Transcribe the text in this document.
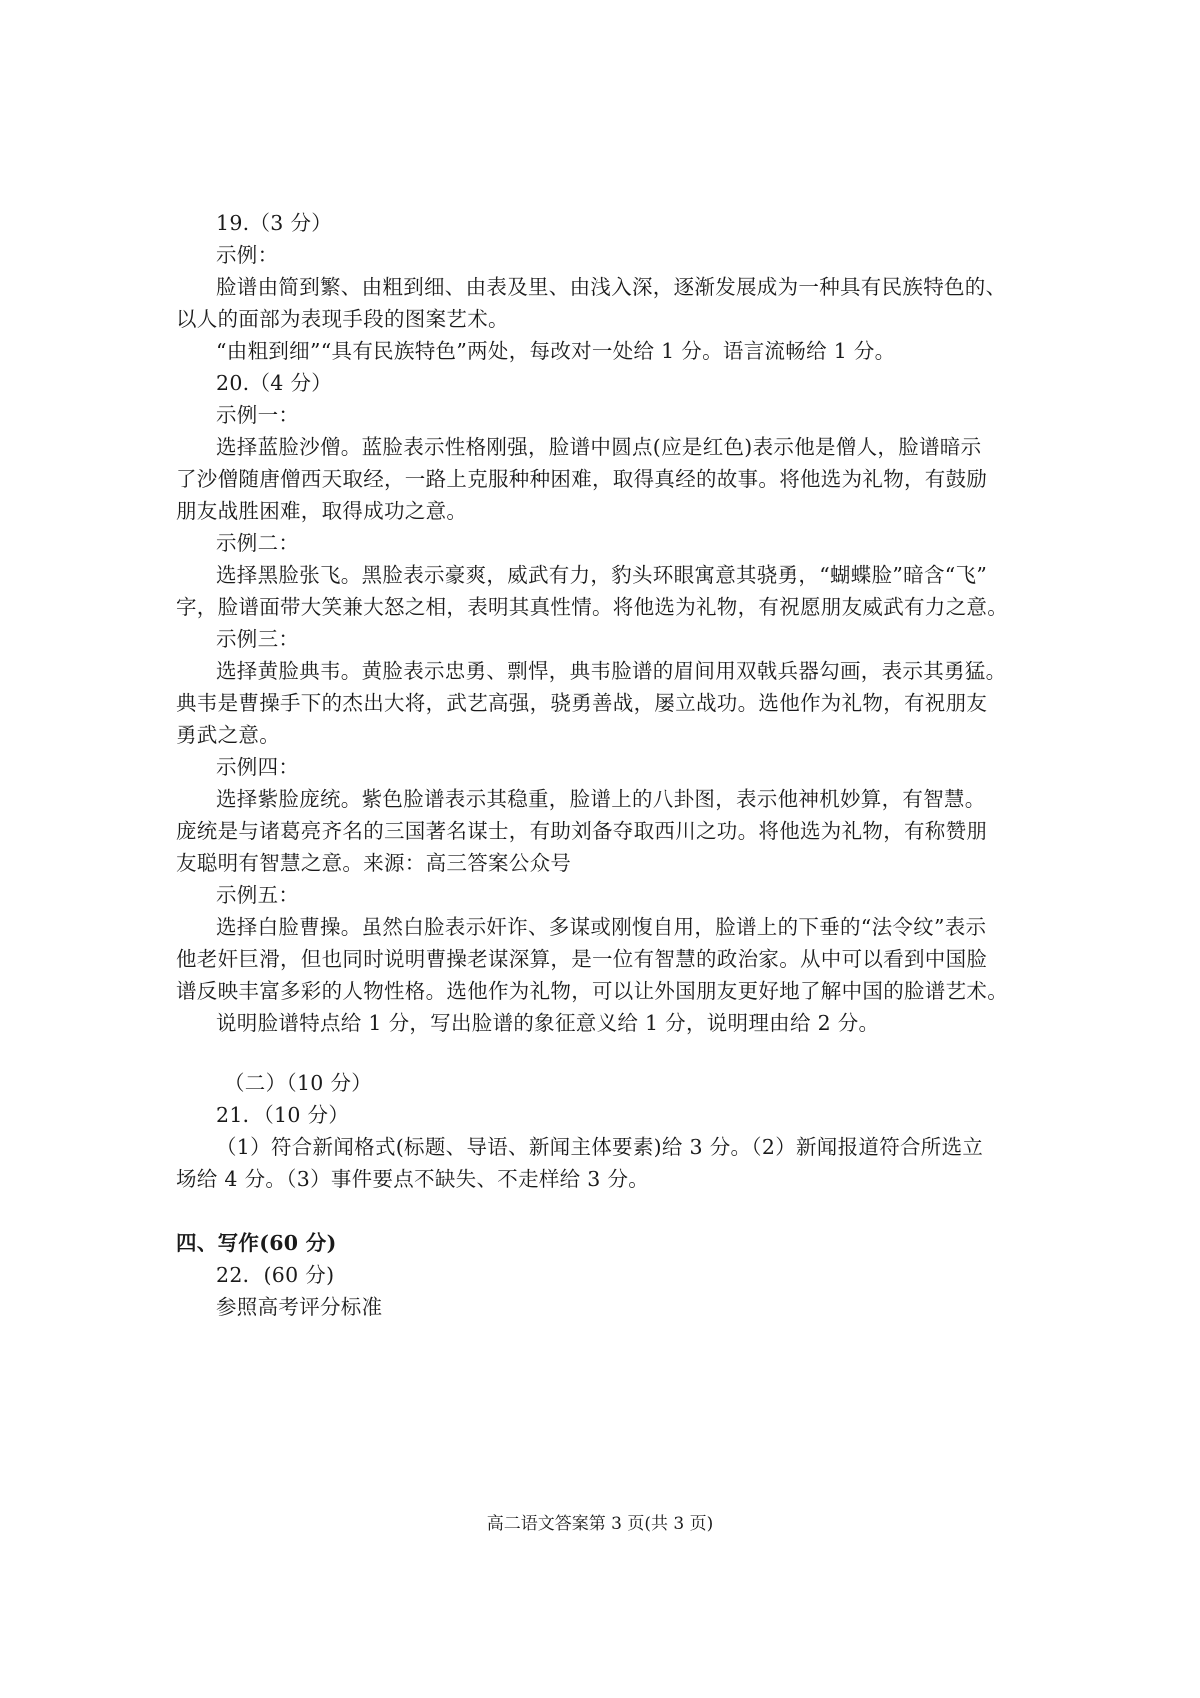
19.（3 分）
示例：
脸谱由简到繁、由粗到细、由表及里、由浅入深，逐渐发展成为一种具有民族特色的、
以人的面部为表现手段的图案艺术。
“由粗到细”“具有民族特色”两处，每改对一处给 1 分。语言流畅给 1 分。
20.（4 分）
示例一：
选择蓝脸沙僧。蓝脸表示性格刚强，脸谱中圆点(应是红色)表示他是僧人，脸谱暗示
了沙僧随唐僧西天取经，一路上克服种种困难，取得真经的故事。将他选为礼物，有鼓励
朋友战胜困难，取得成功之意。
示例二：
选择黑脸张飞。黑脸表示豪爽，威武有力，豹头环眼寓意其骁勇，“蝴蝶脸”暗含“飞”
字，脸谱面带大笑兼大怒之相，表明其真性情。将他选为礼物，有祝愿朋友威武有力之意。
示例三：
选择黄脸典韦。黄脸表示忠勇、剽悍，典韦脸谱的眉间用双戟兵器勾画，表示其勇猛。
典韦是曹操手下的杰出大将，武艺高强，骁勇善战，屡立战功。选他作为礼物，有祝朋友
勇武之意。
示例四：
选择紫脸庞统。紫色脸谱表示其稳重，脸谱上的八卦图，表示他神机妙算，有智慧。
庞统是与诸葛亮齐名的三国著名谋士，有助刘备夺取西川之功。将他选为礼物，有称赞朋
友聪明有智慧之意。来源：高三答案公众号
示例五：
选择白脸曹操。虽然白脸表示奸诈、多谋或刚愎自用，脸谱上的下垂的“法令纹”表示
他老奸巨滑，但也同时说明曹操老谋深算，是一位有智慧的政治家。从中可以看到中国脸
谱反映丰富多彩的人物性格。选他作为礼物，可以让外国朋友更好地了解中国的脸谱艺术。
说明脸谱特点给 1 分，写出脸谱的象征意义给 1 分，说明理由给 2 分。
（二）（10 分）
21．（10 分）
（1）符合新闻格式(标题、导语、新闻主体要素)给 3 分。（2）新闻报道符合所选立
场给 4 分。（3）事件要点不缺失、不走样给 3 分。
四、写作(60 分)
22．(60 分)
参照高考评分标准
高二语文答案第 3 页(共 3 页)
